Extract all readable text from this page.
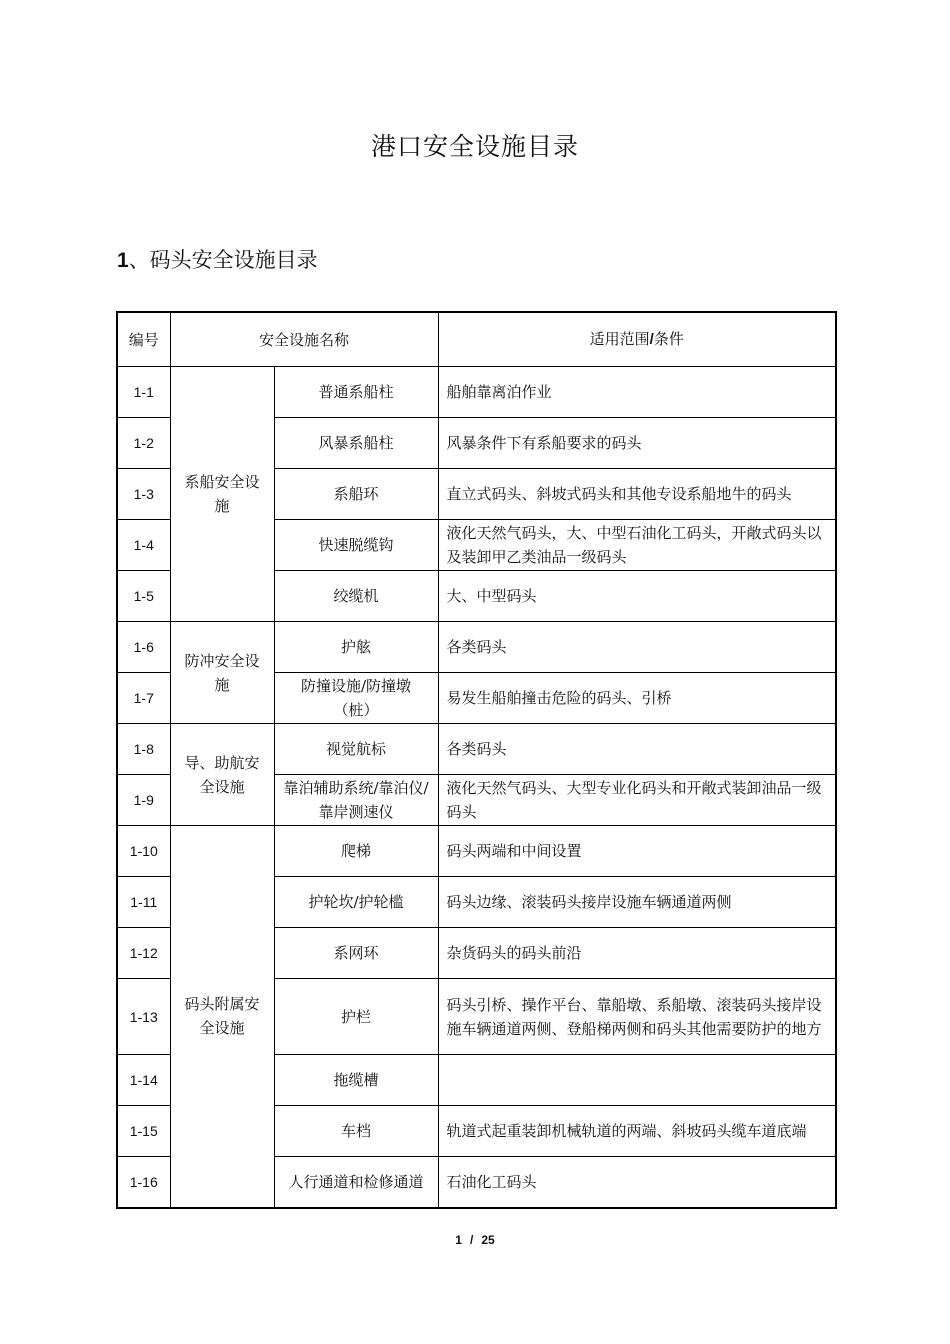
港口安全设施目录
1、码头安全设施目录
编号	安全设施名称		适用范围/条件
1-1	系船安全设施	普通系船柱	船舶靠离泊作业
1-2		风暴系船柱	风暴条件下有系船要求的码头
1-3		系船环	直立式码头、斜坡式码头和其他专设系船地牛的码头
1-4		快速脱缆钩	液化天然气码头，大、中型石油化工码头，开敞式码头以及装卸甲乙类油品一级码头
1-5		绞缆机	大、中型码头
1-6	防冲安全设施	护舷	各类码头
1-7		防撞设施/防撞墩（桩）	易发生船舶撞击危险的码头、引桥
1-8	导、助航安全设施	视觉航标	各类码头
1-9		靠泊辅助系统/靠泊仪/靠岸测速仪	液化天然气码头、大型专业化码头和开敞式装卸油品一级码头
1-10	码头附属安全设施	爬梯	码头两端和中间设置
1-11		护轮坎/护轮槛	码头边缘、滚装码头接岸设施车辆通道两侧
1-12		系网环	杂货码头的码头前沿
1-13		护栏	码头引桥、操作平台、靠船墩、系船墩、滚装码头接岸设施车辆通道两侧、登船梯两侧和码头其他需要防护的地方
1-14		拖缆槽	
1-15		车档	轨道式起重装卸机械轨道的两端、斜坡码头缆车道底端
1-16		人行通道和检修通道	石油化工码头
1 / 25
